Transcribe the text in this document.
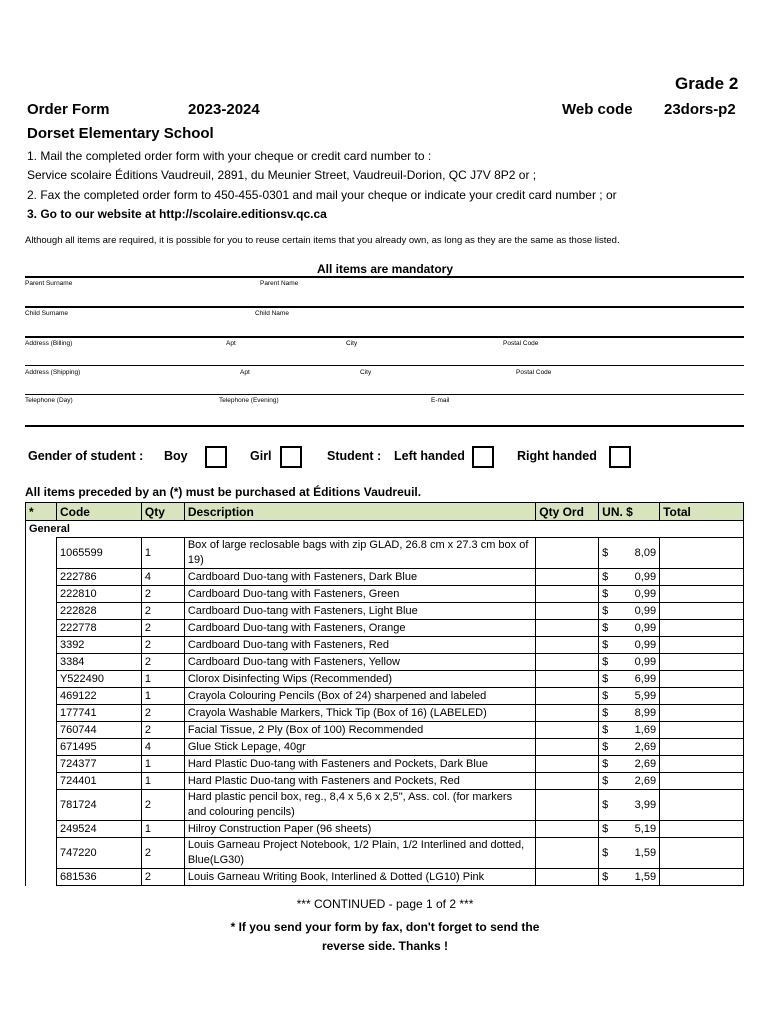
Grade 2
Order Form	2023-2024	Web code 23dors-p2
Dorset Elementary School
1. Mail the completed order form with your cheque or credit card number to :
Service scolaire Éditions Vaudreuil, 2891, du Meunier Street, Vaudreuil-Dorion, QC J7V 8P2 or ;
2. Fax the completed order form to 450-455-0301 and mail your cheque or indicate your credit card number ; or
3. Go to our website at http://scolaire.editionsv.qc.ca
Although all items are required, it is possible for you to reuse certain items that you already own, as long as they are the same as those listed.
All items are mandatory
Parent Surname	Parent Name
Child Surname	Child Name
Address (Billing)	Apt	City	Postal Code
Address (Shipping)	Apt	City	Postal Code
Telephone (Day)	Telephone (Evening)	E-mail
Gender of student : Boy	Girl	Student : Left handed	Right handed
All items preceded by an (*) must be purchased at Éditions Vaudreuil.
*	Code	Qty	Description	Qty Ord	UN. $	Total
General						
	1065599	1	Box of large reclosable bags with zip GLAD, 26.8 cm x 27.3 cm box of 19)		$ 8,09	

	222786	4	Cardboard Duo-tang with Fasteners, Dark Blue		$ 0,99	

	222810	2	Cardboard Duo-tang with Fasteners, Green		$ 0,99	

	222828	2	Cardboard Duo-tang with Fasteners, Light Blue		$ 0,99	

	222778	2	Cardboard Duo-tang with Fasteners, Orange		$ 0,99	

	3392	2	Cardboard Duo-tang with Fasteners, Red		$ 0,99	

	3384	2	Cardboard Duo-tang with Fasteners, Yellow		$ 0,99	

	Y522490	1	Clorox Disinfecting Wips (Recommended)		$ 6,99	

	469122	1	Crayola Colouring Pencils (Box of 24) sharpened and labeled		$ 5,99	

	177741	2	Crayola Washable Markers, Thick Tip (Box of 16) (LABELED)		$ 8,99	

	760744	2	Facial Tissue, 2 Ply (Box of 100) Recommended		$ 1,69	

	671495	4	Glue Stick Lepage, 40gr		$ 2,69	

	724377	1	Hard Plastic Duo-tang with Fasteners and Pockets, Dark Blue		$ 2,69	

	724401	1	Hard Plastic Duo-tang with Fasteners and Pockets, Red		$ 2,69	

	781724	2	Hard plastic pencil box, reg., 8,4 x 5,6 x 2,5", Ass. col. (for markers and colouring pencils)		$ 3,99	

	249524	1	Hilroy Construction Paper (96 sheets)		$ 5,19	

	747220	2	Louis Garneau Project Notebook, 1/2 Plain, 1/2 Interlined and dotted, Blue(LG30)		$ 1,59	

	681536	2	Louis Garneau Writing Book, Interlined & Dotted (LG10) Pink		$ 1,59	

*** CONTINUED - page 1 of 2 ***
* If you send your form by fax, don't forget to send the
reverse side. Thanks !
